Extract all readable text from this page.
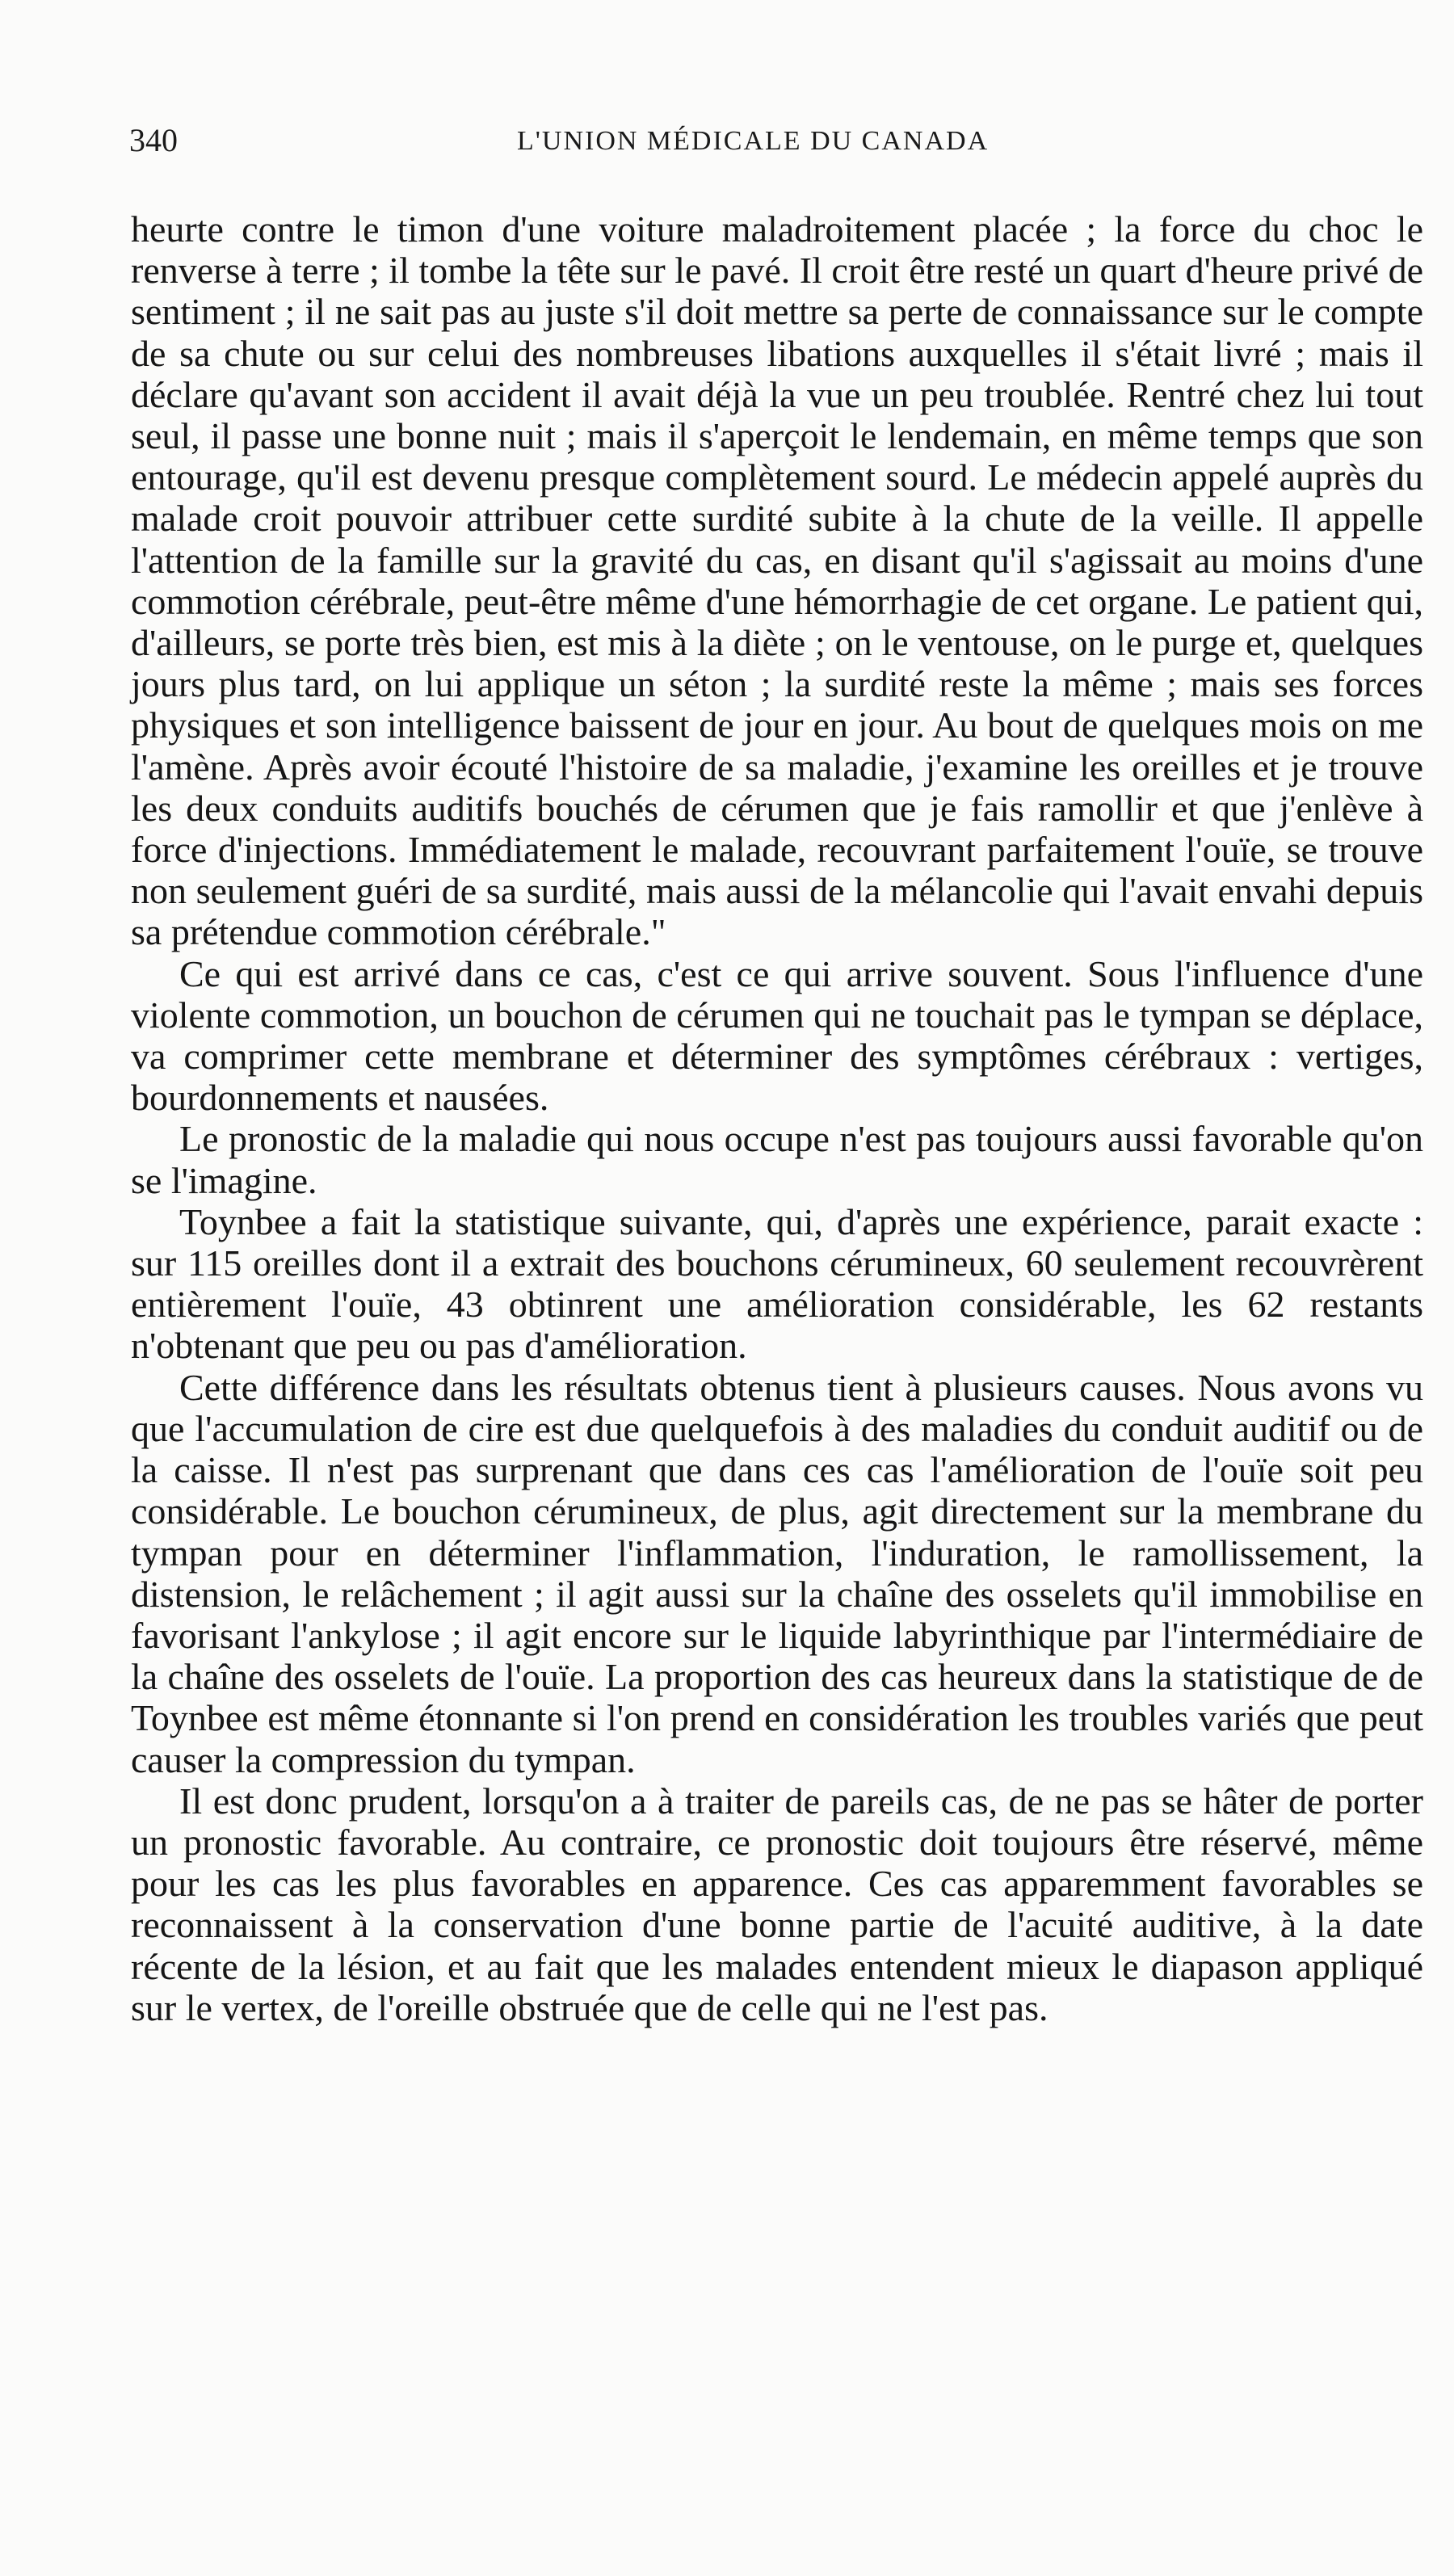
340	L'UNION MÉDICALE DU CANADA

heurte contre le timon d'une voiture maladroitement placée ; la force du choc le renverse à terre ; il tombe la tête sur le pavé. Il croit être resté un quart d'heure privé de sentiment ; il ne sait pas au juste s'il doit mettre sa perte de connaissance sur le compte de sa chute ou sur celui des nombreuses libations auxquelles il s'était livré ; mais il déclare qu'avant son accident il avait déjà la vue un peu troublée. Rentré chez lui tout seul, il passe une bonne nuit ; mais il s'aperçoit le lendemain, en même temps que son entourage, qu'il est devenu presque complètement sourd. Le médecin appelé auprès du malade croit pouvoir attribuer cette surdité subite à la chute de la veille. Il appelle l'attention de la famille sur la gravité du cas, en disant qu'il s'agissait au moins d'une commotion cérébrale, peut-être même d'une hémorrhagie de cet organe. Le patient qui, d'ailleurs, se porte très bien, est mis à la diète ; on le ventouse, on le purge et, quelques jours plus tard, on lui applique un séton ; la surdité reste la même ; mais ses forces physiques et son intelligence baissent de jour en jour. Au bout de quelques mois on me l'amène. Après avoir écouté l'histoire de sa maladie, j'examine les oreilles et je trouve les deux conduits auditifs bouchés de cérumen que je fais ramollir et que j'enlève à force d'injections. Immédiatement le malade, recouvrant parfaitement l'ouïe, se trouve non seulement guéri de sa surdité, mais aussi de la mélancolie qui l'avait envahi depuis sa prétendue commotion cérébrale."

Ce qui est arrivé dans ce cas, c'est ce qui arrive souvent. Sous l'influence d'une violente commotion, un bouchon de cérumen qui ne touchait pas le tympan se déplace, va comprimer cette membrane et déterminer des symptômes cérébraux : vertiges, bourdonnements et nausées.

Le pronostic de la maladie qui nous occupe n'est pas toujours aussi favorable qu'on se l'imagine.

Toynbee a fait la statistique suivante, qui, d'après une expérience, parait exacte : sur 115 oreilles dont il a extrait des bouchons cérumineux, 60 seulement recouvrèrent entièrement l'ouïe, 43 obtinrent une amélioration considérable, les 62 restants n'obtenant que peu ou pas d'amélioration.

Cette différence dans les résultats obtenus tient à plusieurs causes. Nous avons vu que l'accumulation de cire est due quelquefois à des maladies du conduit auditif ou de la caisse. Il n'est pas surprenant que dans ces cas l'amélioration de l'ouïe soit peu considérable. Le bouchon cérumineux, de plus, agit directement sur la membrane du tympan pour en déterminer l'inflammation, l'induration, le ramollissement, la distension, le relâchement ; il agit aussi sur la chaîne des osselets qu'il immobilise en favorisant l'ankylose ; il agit encore sur le liquide labyrinthique par l'intermédiaire de la chaîne des osselets de l'ouïe. La proportion des cas heureux dans la statistique de de Toynbee est même étonnante si l'on prend en considération les troubles variés que peut causer la compression du tympan.

Il est donc prudent, lorsqu'on a à traiter de pareils cas, de ne pas se hâter de porter un pronostic favorable. Au contraire, ce pronostic doit toujours être réservé, même pour les cas les plus favorables en apparence. Ces cas apparemment favorables se reconnaissent à la conservation d'une bonne partie de l'acuité auditive, à la date récente de la lésion, et au fait que les malades entendent mieux le diapason appliqué sur le vertex, de l'oreille obstruée que de celle qui ne l'est pas.
